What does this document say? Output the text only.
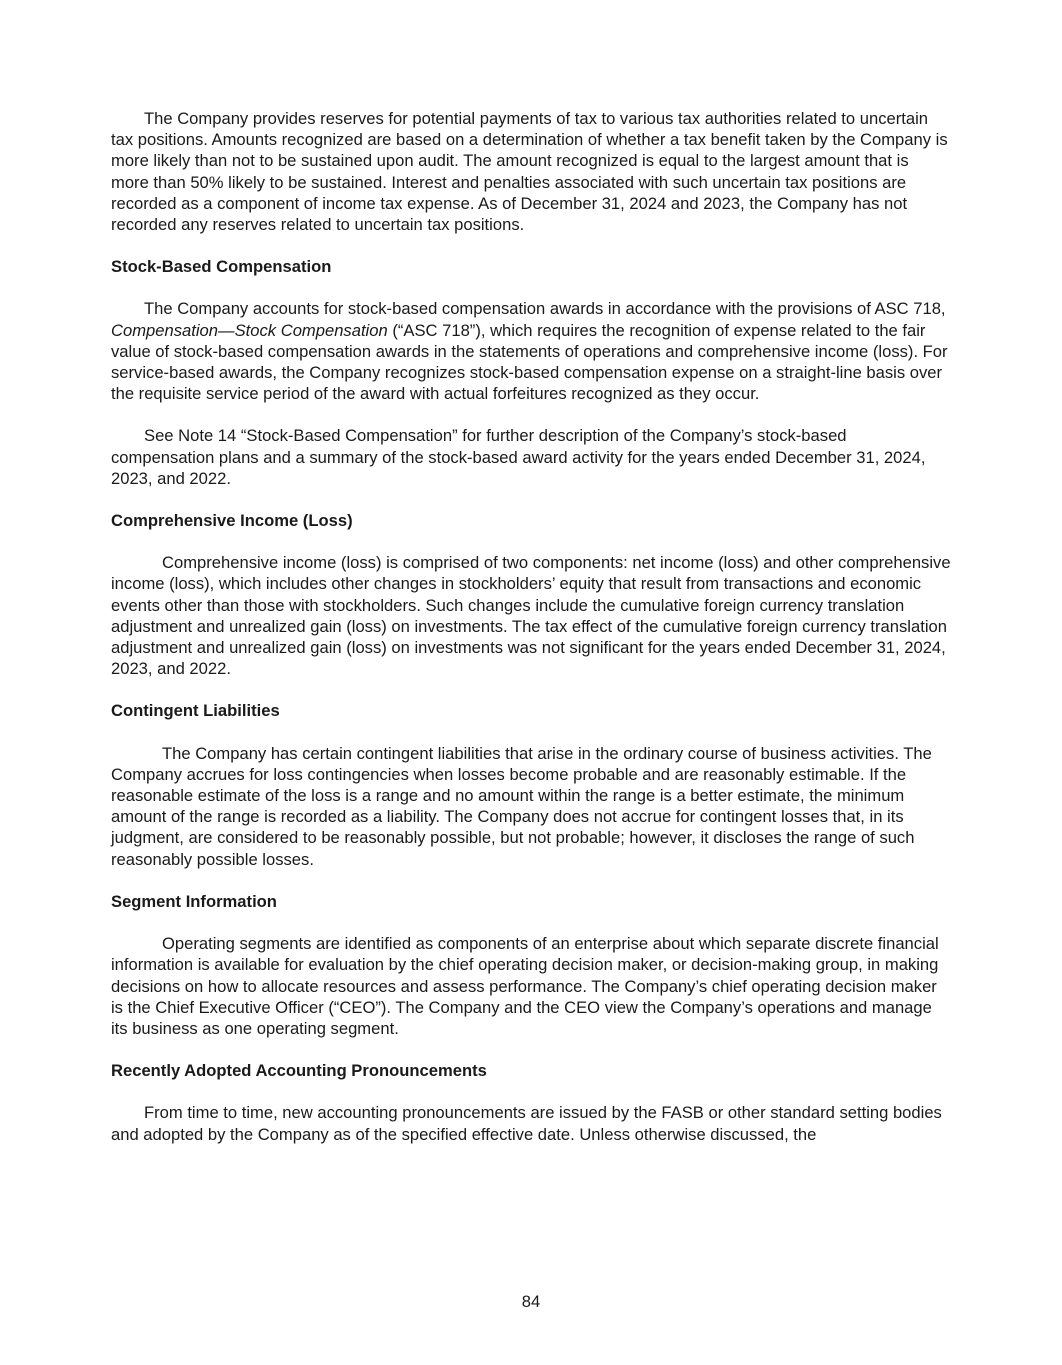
The Company provides reserves for potential payments of tax to various tax authorities related to uncertain tax positions. Amounts recognized are based on a determination of whether a tax benefit taken by the Company is more likely than not to be sustained upon audit. The amount recognized is equal to the largest amount that is more than 50% likely to be sustained. Interest and penalties associated with such uncertain tax positions are recorded as a component of income tax expense. As of December 31, 2024 and 2023, the Company has not recorded any reserves related to uncertain tax positions.

Stock-Based Compensation

The Company accounts for stock-based compensation awards in accordance with the provisions of ASC 718, Compensation—Stock Compensation (“ASC 718”), which requires the recognition of expense related to the fair value of stock-based compensation awards in the statements of operations and comprehensive income (loss). For service-based awards, the Company recognizes stock-based compensation expense on a straight-line basis over the requisite service period of the award with actual forfeitures recognized as they occur.

See Note 14 “Stock-Based Compensation” for further description of the Company’s stock-based compensation plans and a summary of the stock-based award activity for the years ended December 31, 2024, 2023, and 2022.

Comprehensive Income (Loss)

Comprehensive income (loss) is comprised of two components: net income (loss) and other comprehensive income (loss), which includes other changes in stockholders’ equity that result from transactions and economic events other than those with stockholders. Such changes include the cumulative foreign currency translation adjustment and unrealized gain (loss) on investments. The tax effect of the cumulative foreign currency translation adjustment and unrealized gain (loss) on investments was not significant for the years ended December 31, 2024, 2023, and 2022.

Contingent Liabilities

The Company has certain contingent liabilities that arise in the ordinary course of business activities. The Company accrues for loss contingencies when losses become probable and are reasonably estimable. If the reasonable estimate of the loss is a range and no amount within the range is a better estimate, the minimum amount of the range is recorded as a liability. The Company does not accrue for contingent losses that, in its judgment, are considered to be reasonably possible, but not probable; however, it discloses the range of such reasonably possible losses.

Segment Information

Operating segments are identified as components of an enterprise about which separate discrete financial information is available for evaluation by the chief operating decision maker, or decision-making group, in making decisions on how to allocate resources and assess performance. The Company’s chief operating decision maker is the Chief Executive Officer (“CEO”). The Company and the CEO view the Company’s operations and manage its business as one operating segment.

Recently Adopted Accounting Pronouncements

From time to time, new accounting pronouncements are issued by the FASB or other standard setting bodies and adopted by the Company as of the specified effective date. Unless otherwise discussed, the

84
